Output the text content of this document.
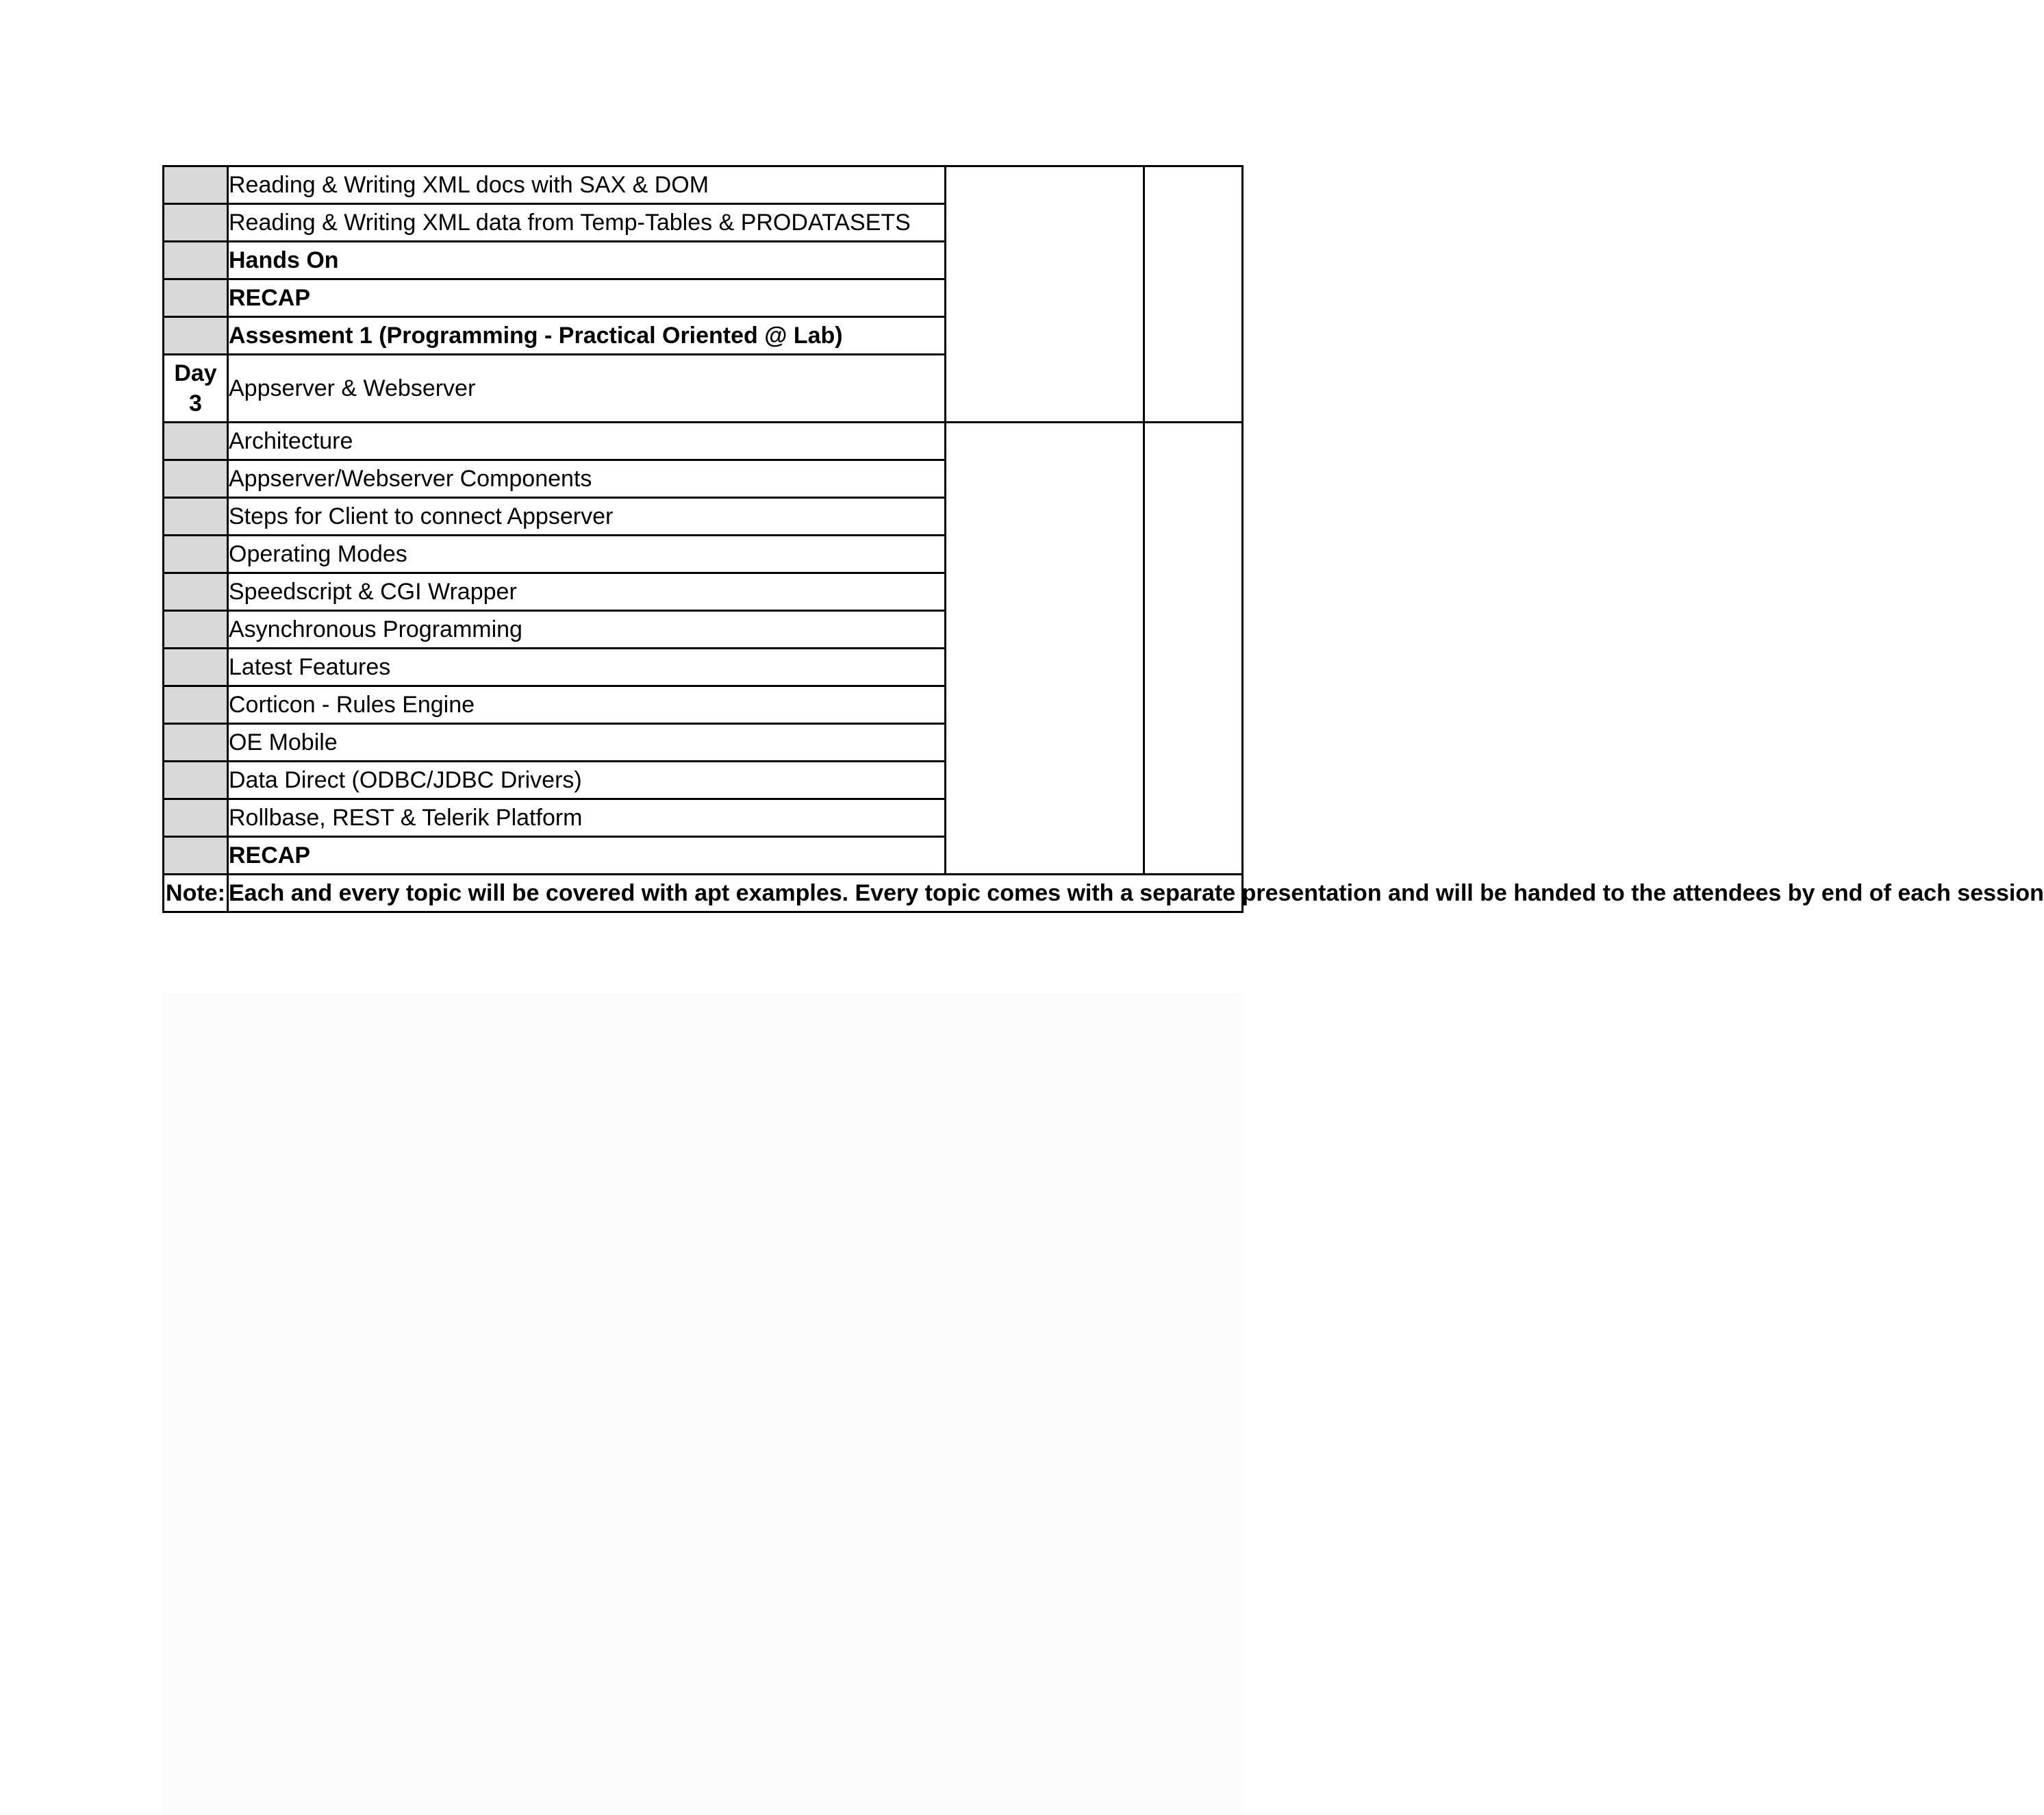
	Reading & Writing XML docs with SAX & DOM		
	Reading & Writing XML data from Temp-Tables & PRODATASETS		
	Hands On		
	RECAP		
	Assesment 1 (Programming - Practical Oriented @ Lab)		

Day
3	Appserver & Webserver		
	Architecture		
	Appserver/Webserver Components		
	Steps for Client to connect Appserver		
	Operating Modes		
	Speedscript & CGI Wrapper		
	Asynchronous Programming		
	Latest Features		
	Corticon - Rules Engine		
	OE Mobile		
	Data Direct (ODBC/JDBC Drivers)		
	Rollbase, REST & Telerik Platform		
	RECAP		
Note:	Each and every topic will be covered with apt examples. Every topic comes with a separate presentation and will be handed to the attendees by end of each session		
